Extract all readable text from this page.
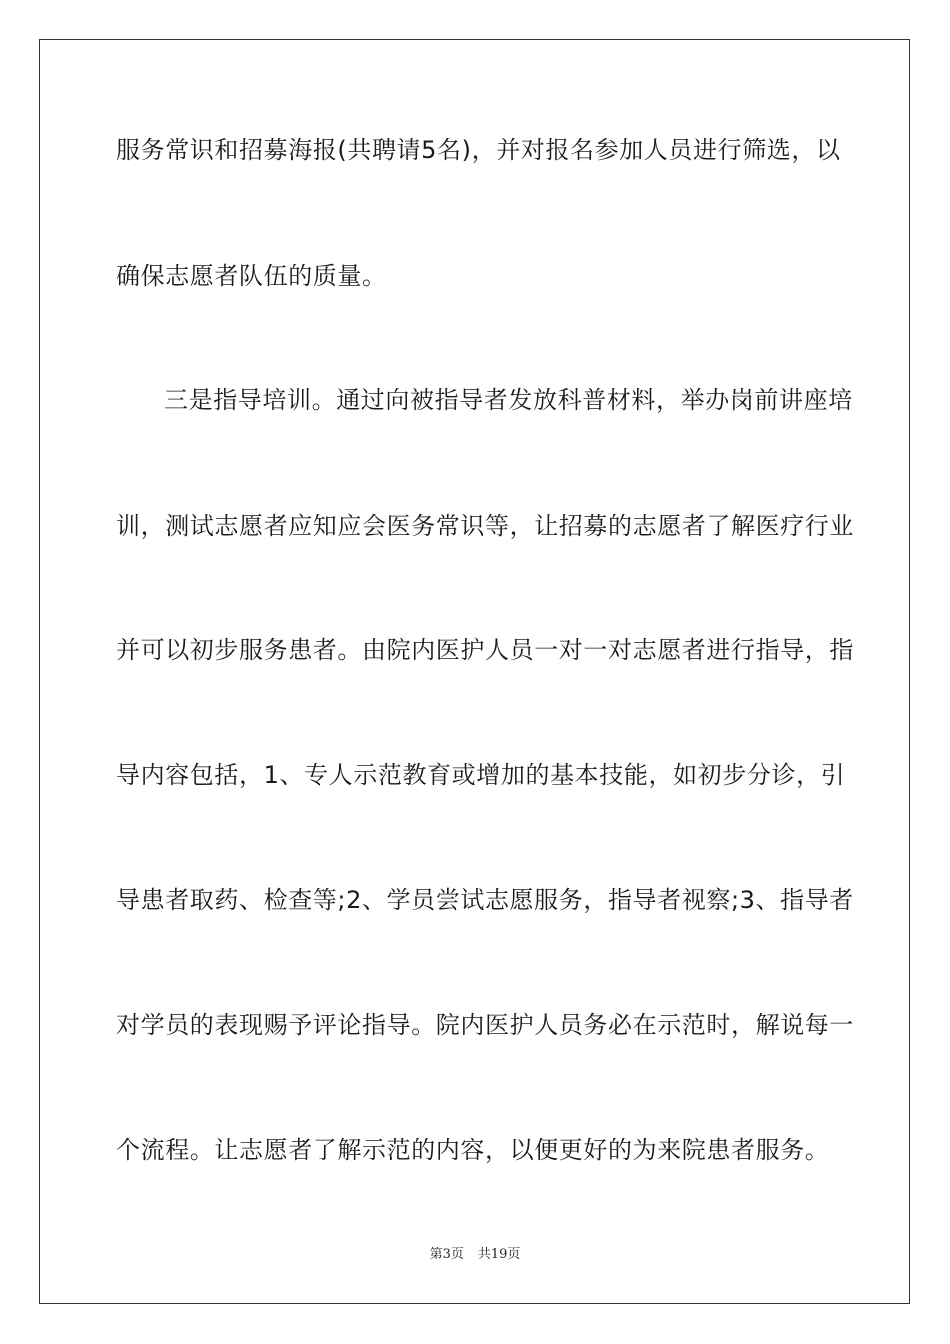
服务常识和招募海报(共聘请5名)，并对报名参加人员进行筛选，以
确保志愿者队伍的质量。
三是指导培训。通过向被指导者发放科普材料，举办岗前讲座培
训，测试志愿者应知应会医务常识等，让招募的志愿者了解医疗行业
并可以初步服务患者。由院内医护人员一对一对志愿者进行指导，指
导内容包括，1、专人示范教育或增加的基本技能，如初步分诊，引
导患者取药、检查等;2、学员尝试志愿服务，指导者视察;3、指导者
对学员的表现赐予评论指导。院内医护人员务必在示范时，解说每一
个流程。让志愿者了解示范的内容，以便更好的为来院患者服务。
第3页 共19页
